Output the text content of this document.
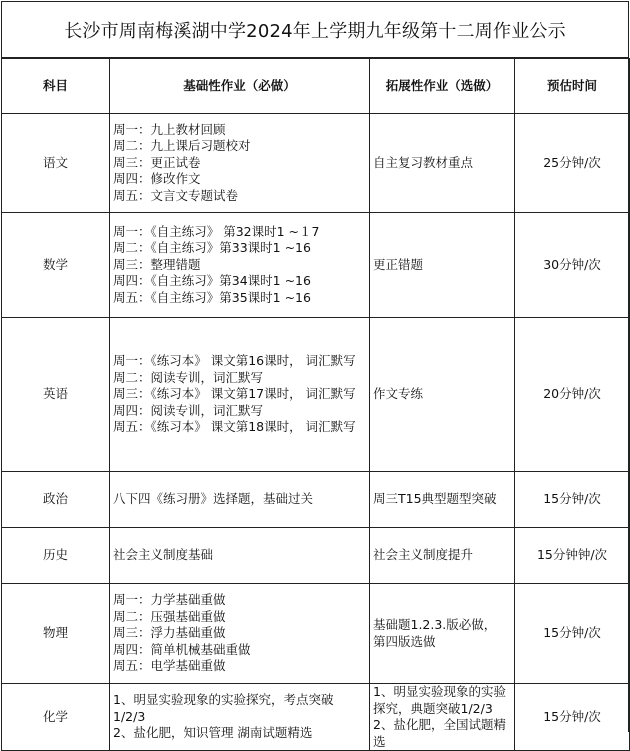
长沙市周南梅溪湖中学2024年上学期九年级第十二周作业公示
科目	基础性作业（必做）	拓展性作业（选做）	预估时间
语文	周一：九上教材回顾
周二：九上课后习题校对
周三：更正试卷
周四：修改作文
周五：文言文专题试卷	自主复习教材重点	25分钟/次
数学	周一：《自主练习》 第32课时1 ~１7
周二：《自主练习》第33课时1 ~16
周三：整理错题
周四：《自主练习》第34课时1 ~16
周五：《自主练习》第35课时1 ~16	更正错题	30分钟/次
英语	周一：《练习本》 课文第16课时， 词汇默写
周二：阅读专训，词汇默写
周三：《练习本》 课文第17课时， 词汇默写
周四：阅读专训，词汇默写
周五：《练习本》 课文第18课时， 词汇默写	作文专练	20分钟/次
政治	八下四《练习册》选择题，基础过关	周三T15典型题型突破	15分钟/次
历史	社会主义制度基础	社会主义制度提升	15分钟钟/次
物理	周一：力学基础重做
周二：压强基础重做
周三：浮力基础重做
周四：简单机械基础重做
周五：电学基础重做	基础题1.2.3.版必做，
第四版选做	15分钟/次
化学	1、明显实验现象的实验探究，考点突破1/2/3
2、盐化肥，知识管理 湖南试题精选	1、明显实验现象的实验探究，典题突破1/2/3
2、盐化肥，全国试题精选	15分钟/次
